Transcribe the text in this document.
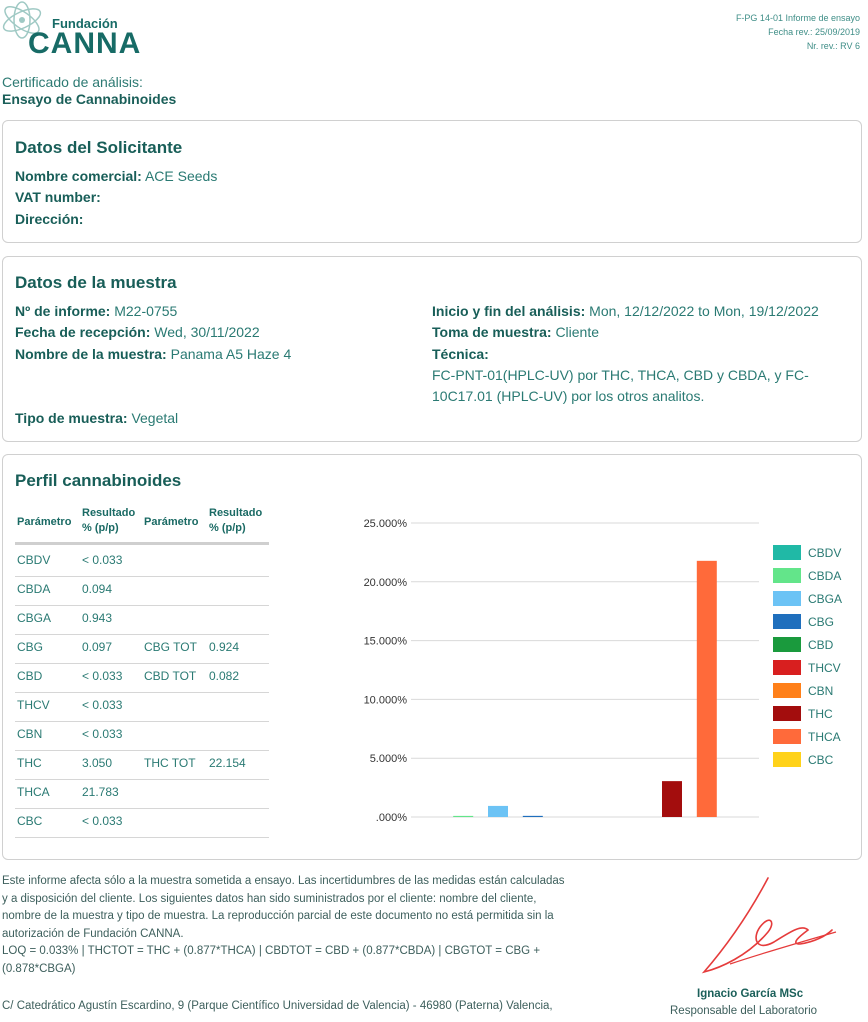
Fundación
CANNA
F-PG 14-01 Informe de ensayo
Fecha rev.: 25/09/2019
Nr. rev.: RV 6
Certificado de análisis:
Ensayo de Cannabinoides
Datos del Solicitante
Nombre comercial: ACE Seeds
VAT number:
Dirección:
Datos de la muestra
Nº de informe: M22-0755
Fecha de recepción: Wed, 30/11/2022
Nombre de la muestra: Panama A5 Haze 4
Tipo de muestra: Vegetal
Inicio y fin del análisis: Mon, 12/12/2022 to Mon, 19/12/2022
Toma de muestra: Cliente
Técnica:
FC-PNT-01(HPLC-UV) por THC, THCA, CBD y CBDA, y FC-
10C17.01 (HPLC-UV) por los otros analitos.
Perfil cannabinoides
Parámetro
Resultado
% (p/p)	Parámetro
Resultado
% (p/p)
CBDV	< 0.033
CBDA	0.094
CBGA	0.943
CBG	0.097	CBG TOT 0.924
CBD	< 0.033 CBD TOT 0.082
THCV	< 0.033
CBN	< 0.033
THC	3.050	THC TOT 22.154
THCA	21.783
CBC	< 0.033	.000%
5.000%
10.000%
15.000%
20.000%
25.000%
CBDV
CBDA
CBGA
CBG
CBD
THCV
CBN
THC
THCA
CBC
Este informe afecta sólo a la muestra sometida a ensayo. Las incertidumbres de las medidas están calculadas
y a disposición del cliente. Los siguientes datos han sido suministrados por el cliente: nombre del cliente,
nombre de la muestra y tipo de muestra. La reproducción parcial de este documento no está permitida sin la
autorización de Fundación CANNA.
LOQ = 0.033% | THCTOT = THC + (0.877*THCA) | CBDTOT = CBD + (0.877*CBDA) | CBGTOT = CBG +
(0.878*CBGA)
Ignacio García MSc
Responsable del Laboratorio
C/ Catedrático Agustín Escardino, 9 (Parque Científico Universidad de Valencia) - 46980 (Paterna) Valencia,
